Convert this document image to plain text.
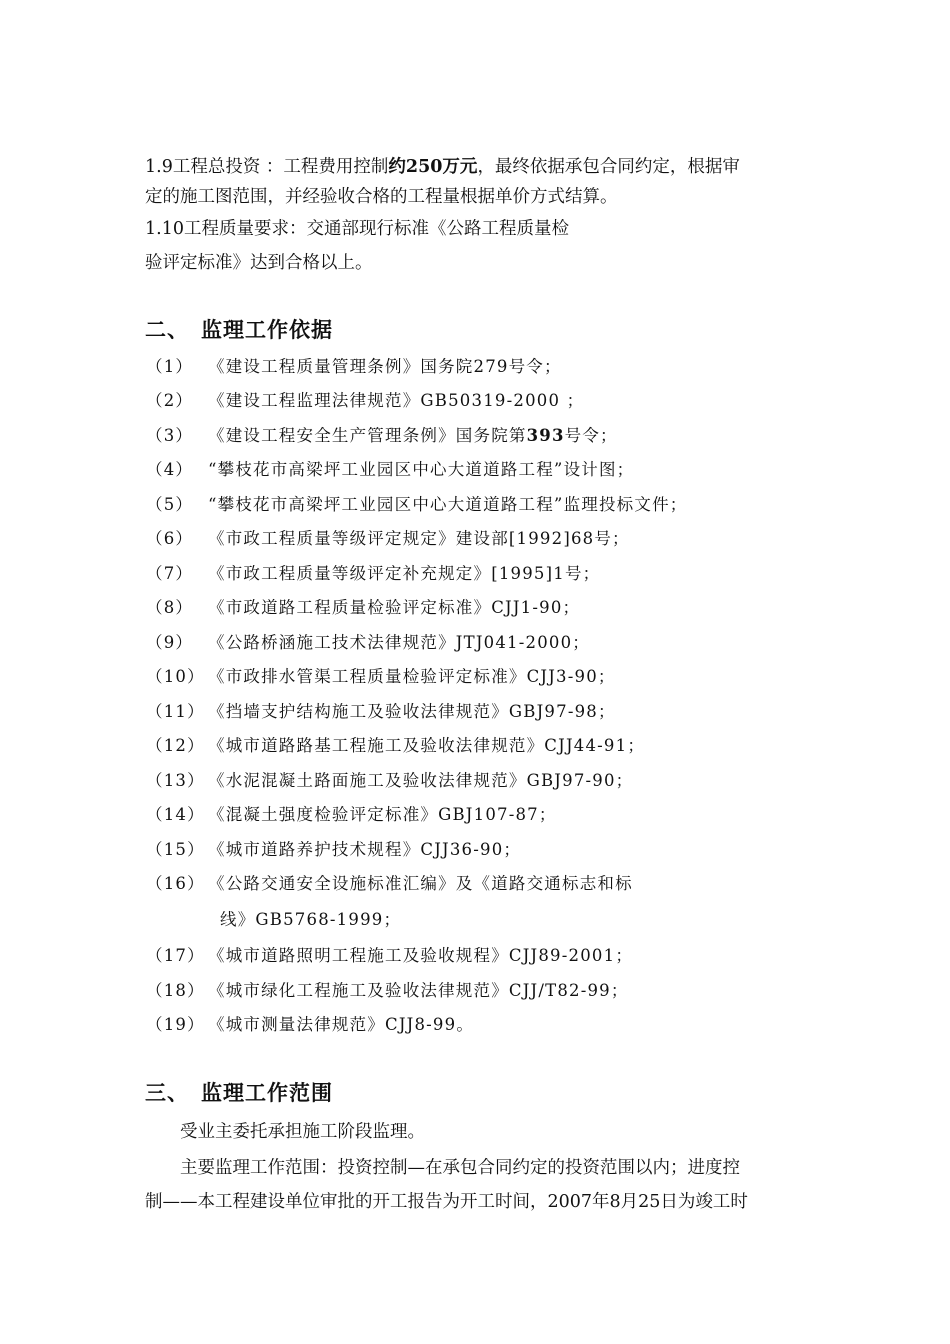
1.9工程总投资 ：工程费用控制约250万元，最终依据承包合同约定，根据审
定的施工图范围，并经验收合格的工程量根据单价方式结算。
1.10工程质量要求：交通部现行标准《公路工程质量检
验评定标准》达到合格以上。
二、 监理工作依据
（1） 《建设工程质量管理条例》国务院279号令；
（2） 《建设工程监理法律规范》GB50319-2000 ；
（3） 《建设工程安全生产管理条例》国务院第393号令；
（4） “攀枝花市高梁坪工业园区中心大道道路工程”设计图；
（5） “攀枝花市高梁坪工业园区中心大道道路工程”监理投标文件；
（6） 《市政工程质量等级评定规定》建设部[1992]68号；
（7） 《市政工程质量等级评定补充规定》[1995]1号；
（8） 《市政道路工程质量检验评定标准》CJJ1-90；
（9） 《公路桥涵施工技术法律规范》JTJ041-2000；
（10） 《市政排水管渠工程质量检验评定标准》CJJ3-90；
（11） 《挡墙支护结构施工及验收法律规范》GBJ97-98；
（12） 《城市道路路基工程施工及验收法律规范》CJJ44-91；
（13） 《水泥混凝土路面施工及验收法律规范》GBJ97-90；
（14） 《混凝土强度检验评定标准》GBJ107-87；
（15） 《城市道路养护技术规程》CJJ36-90；
（16） 《公路交通安全设施标准汇编》及《道路交通标志和标
线》GB5768-1999；
（17） 《城市道路照明工程施工及验收规程》CJJ89-2001；
（18） 《城市绿化工程施工及验收法律规范》CJJ/T82-99；
（19） 《城市测量法律规范》CJJ8-99。
三、 监理工作范围
受业主委托承担施工阶段监理。
主要监理工作范围：投资控制—在承包合同约定的投资范围以内；进度控
制——本工程建设单位审批的开工报告为开工时间，2007年8月25日为竣工时
